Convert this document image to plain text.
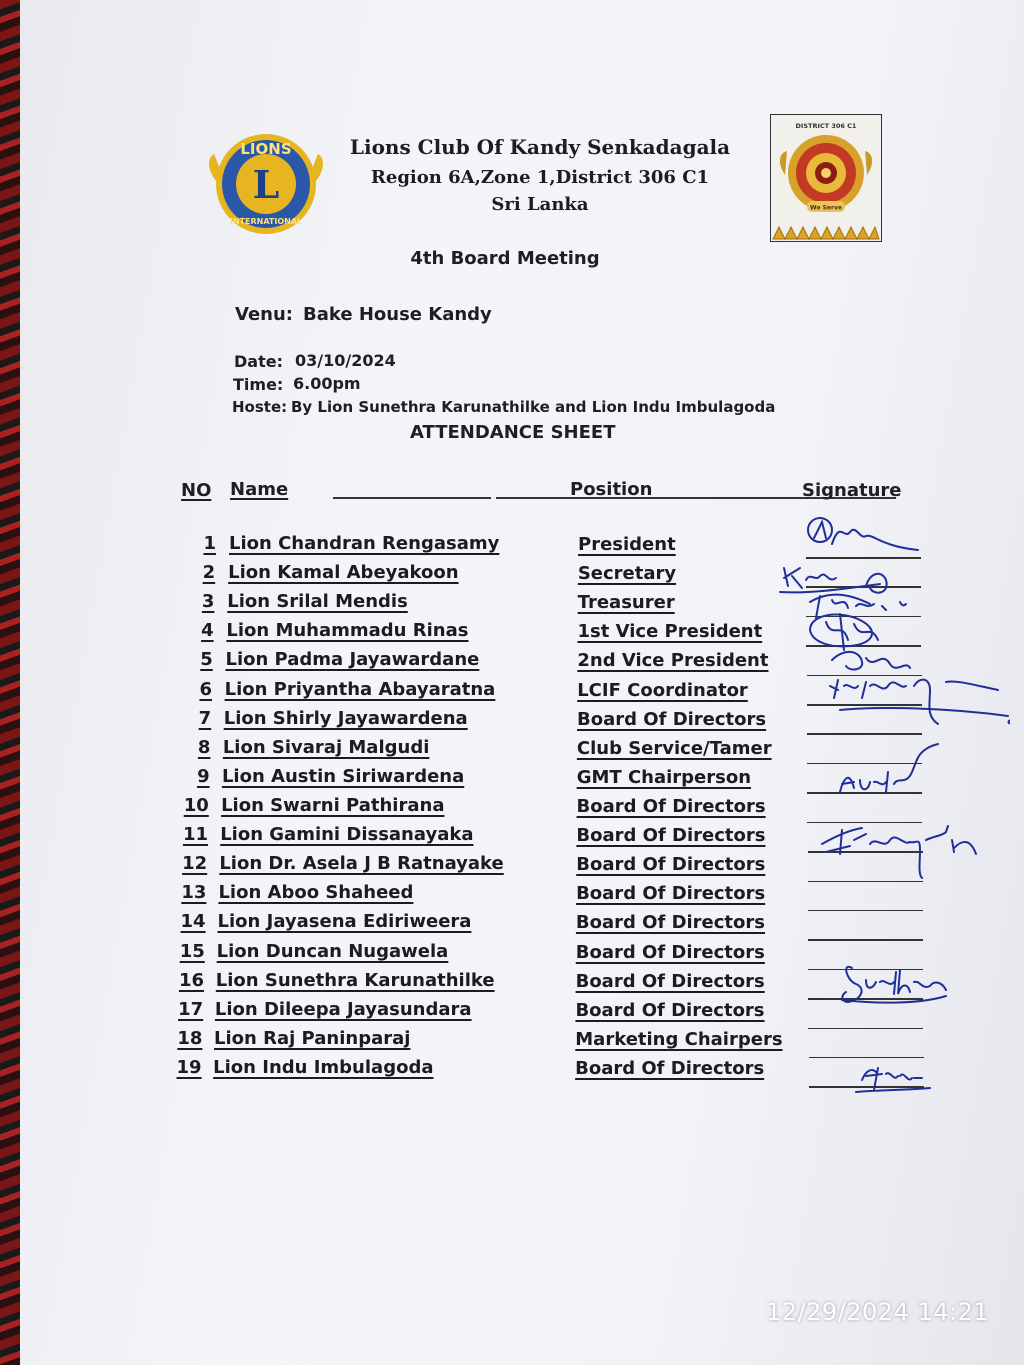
L
LIONS
INTERNATIONAL
DISTRICT 306 C1
We Serve
Lions Club Of Kandy Senkadagala
Region 6A,Zone 1,District 306 C1
Sri Lanka
4th Board Meeting
Venu: Bake House Kandy
Date: 03/10/2024
Time: 6.00pm
Hoste: By Lion Sunethra Karunathilke and Lion Indu Imbulagoda
ATTENDANCE SHEET
NO Name	Position	Signature
1 Lion Chandran Rengasamy	President
2 Lion Kamal Abeyakoon	Secretary
3 Lion Srilal Mendis	Treasurer
4 Lion Muhammadu Rinas	1st Vice President
5 Lion Padma Jayawardane	2nd Vice President
6 Lion Priyantha Abayaratna	LCIF Coordinator
7 Lion Shirly Jayawardena	Board Of Directors
8 Lion Sivaraj Malgudi	Club Service/Tamer
9 Lion Austin Siriwardena	GMT Chairperson
10 Lion Swarni Pathirana	Board Of Directors
11 Lion Gamini Dissanayaka	Board Of Directors
12 Lion Dr. Asela J B Ratnayake	Board Of Directors
13 Lion Aboo Shaheed	Board Of Directors
14 Lion Jayasena Ediriweera	Board Of Directors
15 Lion Duncan Nugawela	Board Of Directors
16 Lion Sunethra Karunathilke	Board Of Directors
17 Lion Dileepa Jayasundara	Board Of Directors
18 Lion Raj Paninparaj	Marketing Chairpers
19 Lion Indu Imbulagoda	Board Of Directors
12/29/2024 14:21
